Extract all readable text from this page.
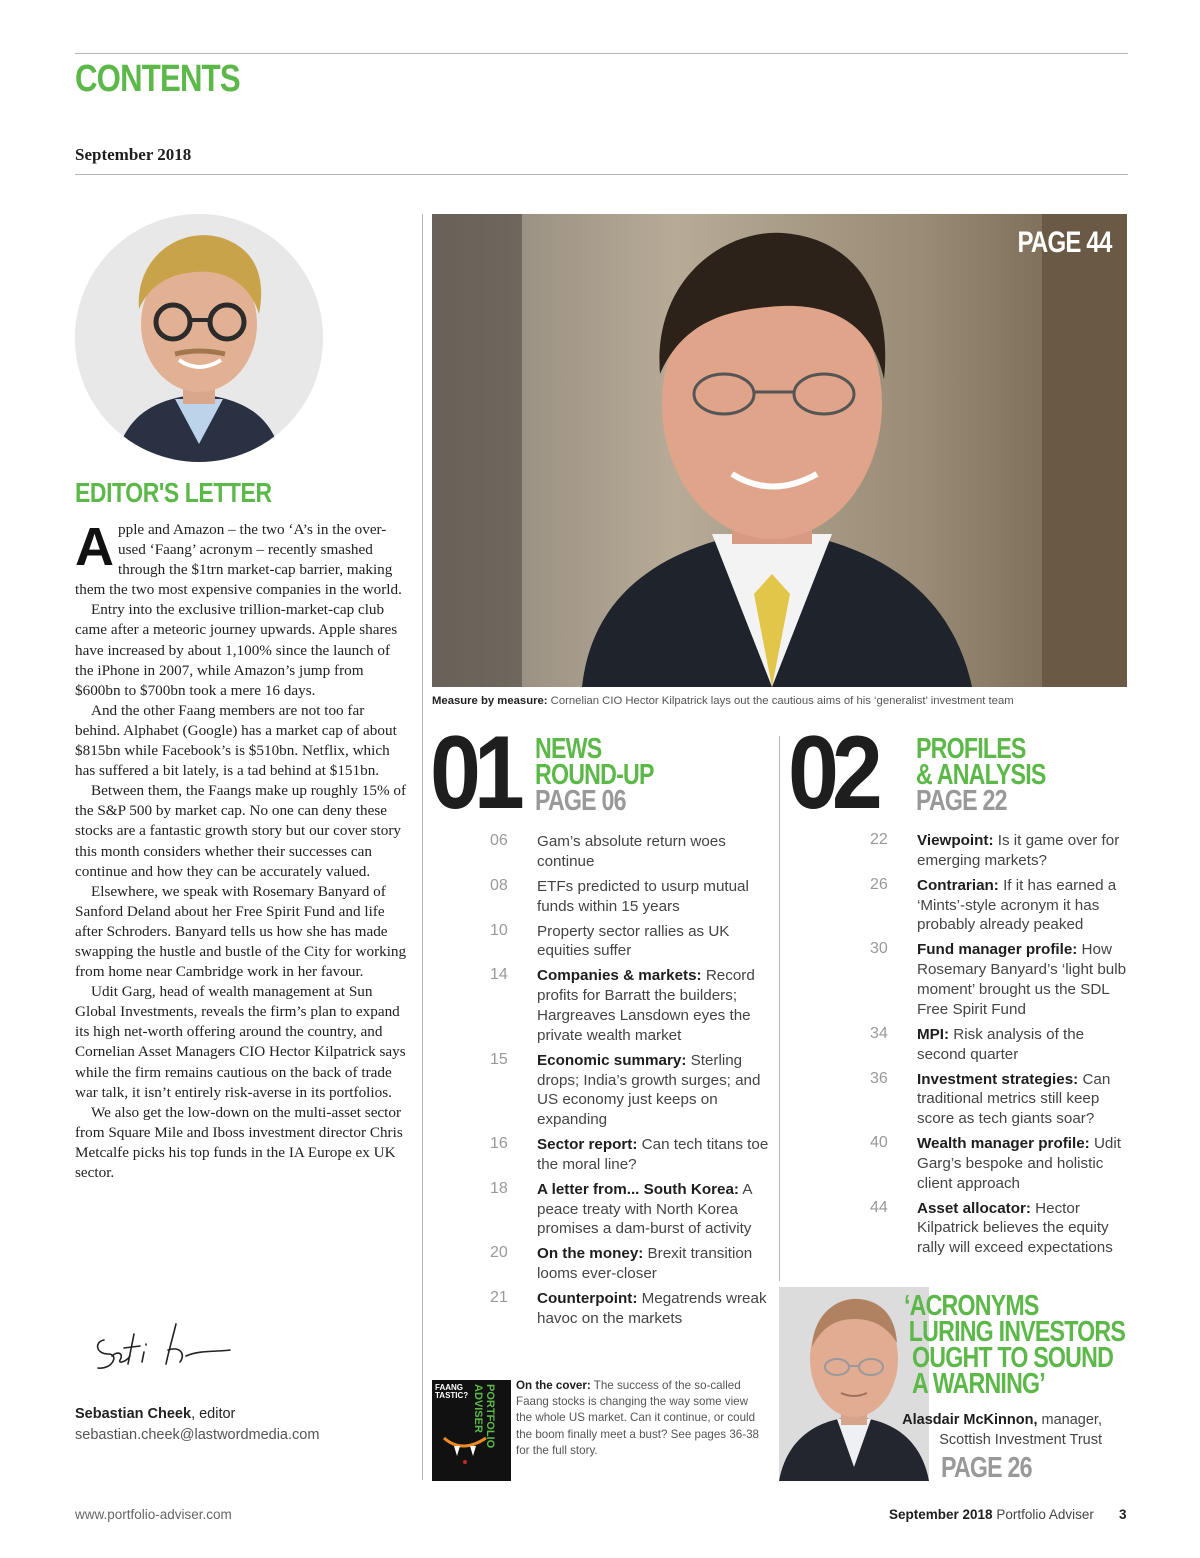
CONTENTS
September 2018
EDITOR'S LETTER

Apple and Amazon – the two ‘A’s in the over-used ‘Faang’ acronym – recently smashed through the $1trn market-cap barrier, making them the two most expensive companies in the world.

Entry into the exclusive trillion-market-cap club came after a meteoric journey upwards. Apple shares have increased by about 1,100% since the launch of the iPhone in 2007, while Amazon’s jump from $600bn to $700bn took a mere 16 days.

And the other Faang members are not too far behind. Alphabet (Google) has a market cap of about $815bn while Facebook’s is $510bn. Netflix, which has suffered a bit lately, is a tad behind at $151bn.

Between them, the Faangs make up roughly 15% of the S&P 500 by market cap. No one can deny these stocks are a fantastic growth story but our cover story this month considers whether their successes can continue and how they can be accurately valued.

Elsewhere, we speak with Rosemary Banyard of Sanford Deland about her Free Spirit Fund and life after Schroders. Banyard tells us how she has made swapping the hustle and bustle of the City for working from home near Cambridge work in her favour.

Udit Garg, head of wealth management at Sun Global Investments, reveals the firm’s plan to expand its high net-worth offering around the country, and Cornelian Asset Managers CIO Hector Kilpatrick says while the firm remains cautious on the back of trade war talk, it isn’t entirely risk-averse in its portfolios.

We also get the low-down on the multi-asset sector from Square Mile and Iboss investment director Chris Metcalfe picks his top funds in the IA Europe ex UK sector.

Sebastian Cheek, editor
sebastian.cheek@lastwordmedia.com
PAGE 44
Measure by measure: Cornelian CIO Hector Kilpatrick lays out the cautious aims of his ‘generalist’ investment team
01 NEWS
ROUND-UP
PAGE 06
06 Gam’s absolute return woes continue
08 ETFs predicted to usurp mutual funds within 15 years
10 Property sector rallies as UK equities suffer
14 Companies & markets: Record profits for Barratt the builders; Hargreaves Lansdown eyes the private wealth market
15 Economic summary: Sterling drops; India’s growth surges; and US economy just keeps on expanding
16 Sector report: Can tech titans toe the moral line?
18 A letter from... South Korea: A peace treaty with North Korea promises a dam-burst of activity
20 On the money: Brexit transition looms ever-closer
21 Counterpoint: Megatrends wreak havoc on the markets
02 PROFILES
& ANALYSIS
PAGE 22
22 Viewpoint: Is it game over for emerging markets?
26 Contrarian: If it has earned a ‘Mints’-style acronym it has probably already peaked
30 Fund manager profile: How Rosemary Banyard’s ‘light bulb moment’ brought us the SDL Free Spirit Fund
34 MPI: Risk analysis of the second quarter
36 Investment strategies: Can traditional metrics still keep score as tech giants soar?
40 Wealth manager profile: Udit Garg’s bespoke and holistic client approach
44 Asset allocator: Hector Kilpatrick believes the equity rally will exceed expectations
FAANG TASTIC?	PORTFOLIO ADVISER	On the cover: The success of the so-called Faang stocks is changing the way some view the whole US market. Can it continue, or could the boom finally meet a bust? See pages 36-38 for the full story.
‘ACRONYMS
LURING INVESTORS
OUGHT TO SOUND
A WARNING’
Alasdair McKinnon, manager,
Scottish Investment Trust
PAGE 26
www.portfolio-adviser.com	September 2018 Portfolio Adviser 3
